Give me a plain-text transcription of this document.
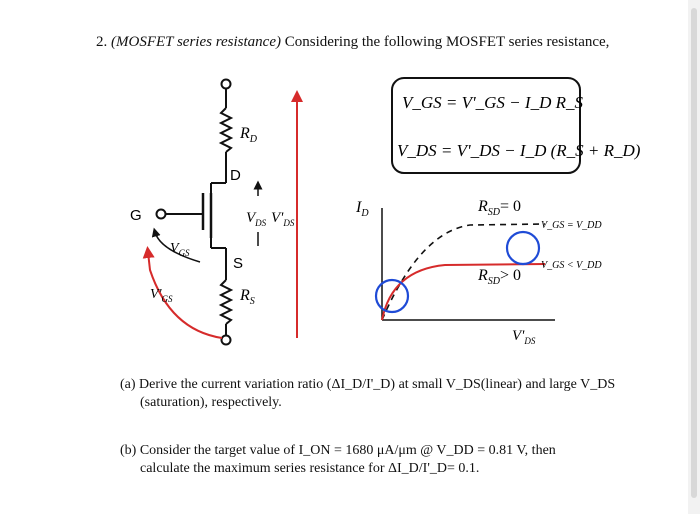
2. (MOSFET series resistance) Considering the following MOSFET series resistance,
G
D
S
$R_D$
$R_S$
$V_{DS}$ $V'_{DS}$
$V_{GS}$
$V'_{GS}$
V_GS = V'_GS − I_D R_S
V_DS = V'_DS − I_D (R_S + R_D)
$I_D$
$V'_{DS}$
$R_{SD}= 0$
$R_{SD}> 0$
V_GS = V_DD
V_GS < V_DD
(a) Derive the current variation ratio (ΔI_D/I'_D) at small V_DS(linear) and large V_DS
(saturation), respectively.
(b) Consider the target value of I_ON = 1680 μA/μm @ V_DD = 0.81 V, then
calculate the maximum series resistance for ΔI_D/I'_D= 0.1.
